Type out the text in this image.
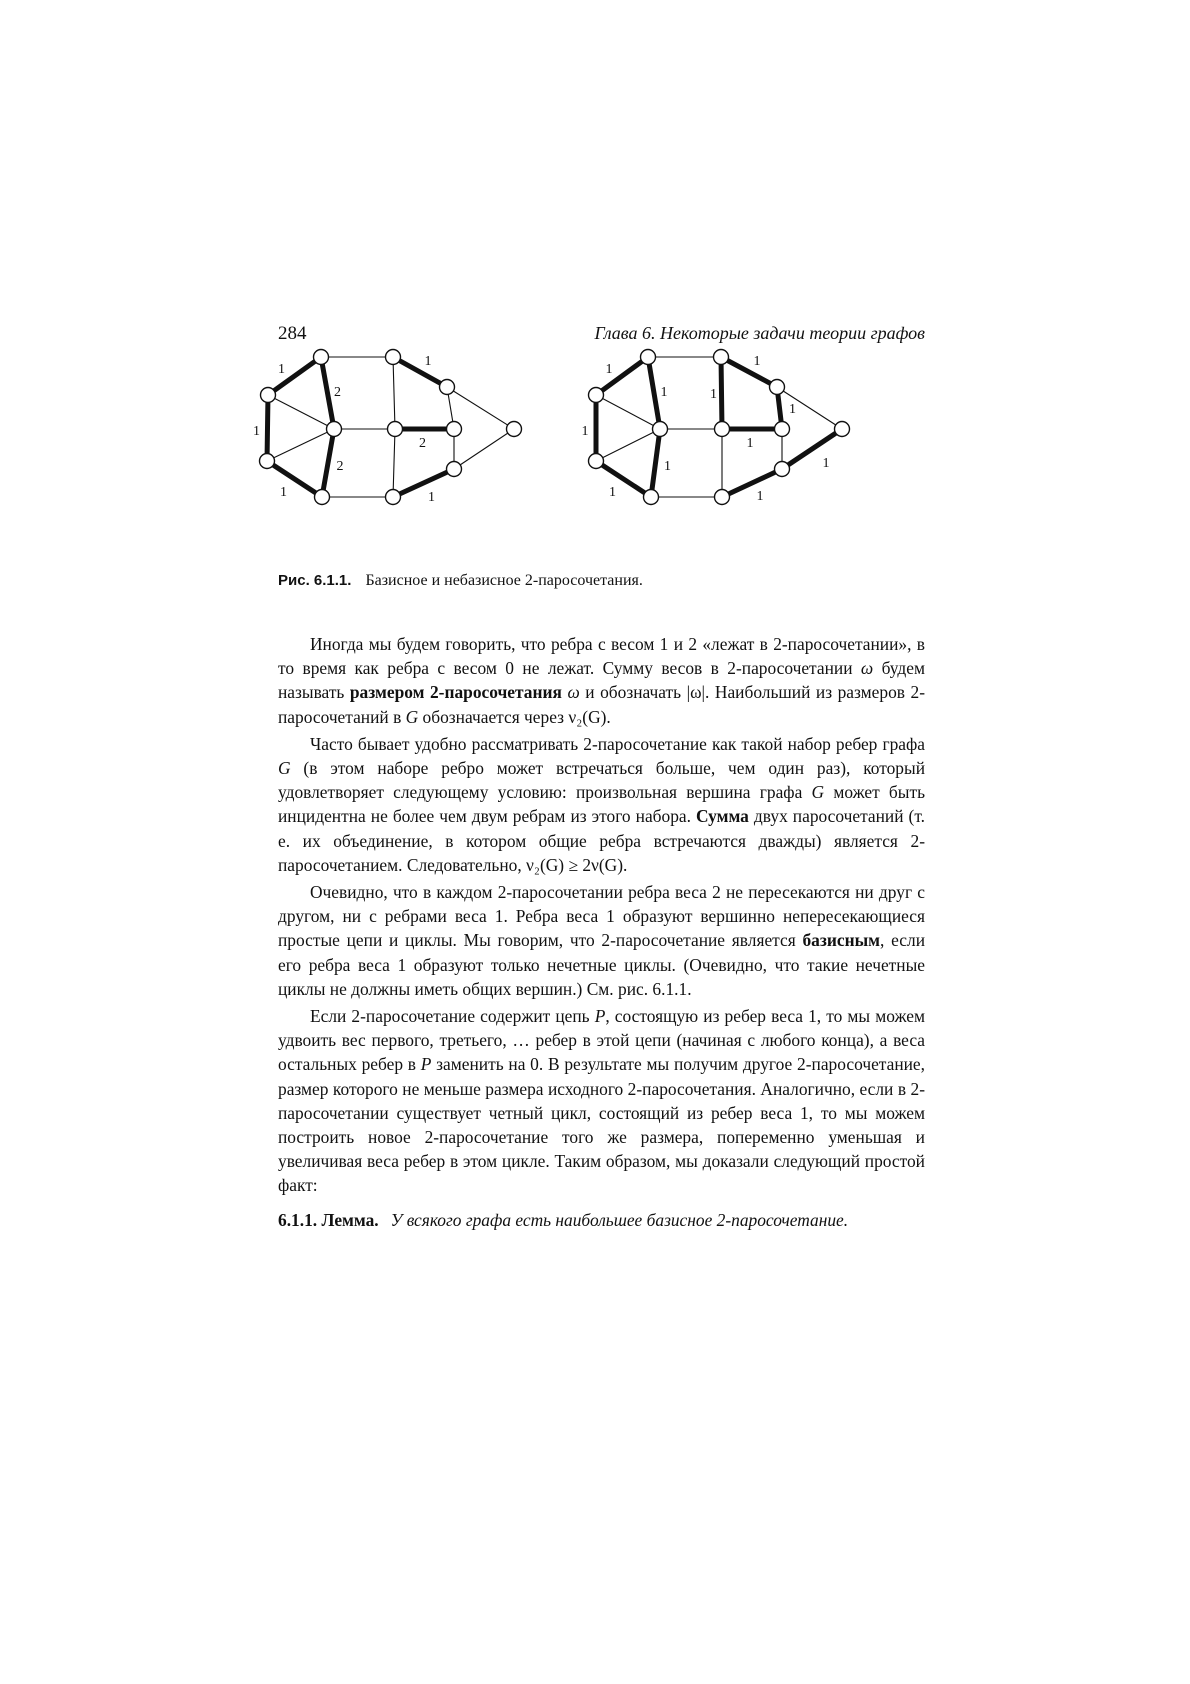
284	Глава 6. Некоторые задачи теории графов
1
1
1
1
1
2
2
2
1
1
1
1
1
1
1
1
1
1
1
Рис. 6.1.1. Базисное и небазисное 2-паросочетания.

Иногда мы будем говорить, что ребра с весом 1 и 2 «лежат в 2-паросочетании», в то время как ребра с весом 0 не лежат. Сумму весов в 2-паросочетании ω будем называть размером 2-паросочетания ω и обозначать |ω|. Наибольший из размеров 2-паросочетаний в G обозначается через ν₂(G).

Часто бывает удобно рассматривать 2-паросочетание как такой набор ребер графа G (в этом наборе ребро может встречаться больше, чем один раз), который удовлетворяет следующему условию: произвольная вершина графа G может быть инцидентна не более чем двум ребрам из этого набора. Сумма двух паросочетаний (т. е. их объединение, в котором общие ребра встречаются дважды) является 2-паросочетанием. Следовательно, ν₂(G) ≥ 2ν(G).

Очевидно, что в каждом 2-паросочетании ребра веса 2 не пересекаются ни друг с другом, ни с ребрами веса 1. Ребра веса 1 образуют вершинно непересекающиеся простые цепи и циклы. Мы говорим, что 2-паросочетание является базисным, если его ребра веса 1 образуют только нечетные циклы. (Очевидно, что такие нечетные циклы не должны иметь общих вершин.) См. рис. 6.1.1.

Если 2-паросочетание содержит цепь P, состоящую из ребер веса 1, то мы можем удвоить вес первого, третьего, … ребер в этой цепи (начиная с любого конца), а веса остальных ребер в P заменить на 0. В результате мы получим другое 2-паросочетание, размер которого не меньше размера исходного 2-паросочетания. Аналогично, если в 2-паросочетании существует четный цикл, состоящий из ребер веса 1, то мы можем построить новое 2-паросочетание того же размера, попеременно уменьшая и увеличивая веса ребер в этом цикле. Таким образом, мы доказали следующий простой факт:

6.1.1. Лемма. У всякого графа есть наибольшее базисное 2-паросочетание.
